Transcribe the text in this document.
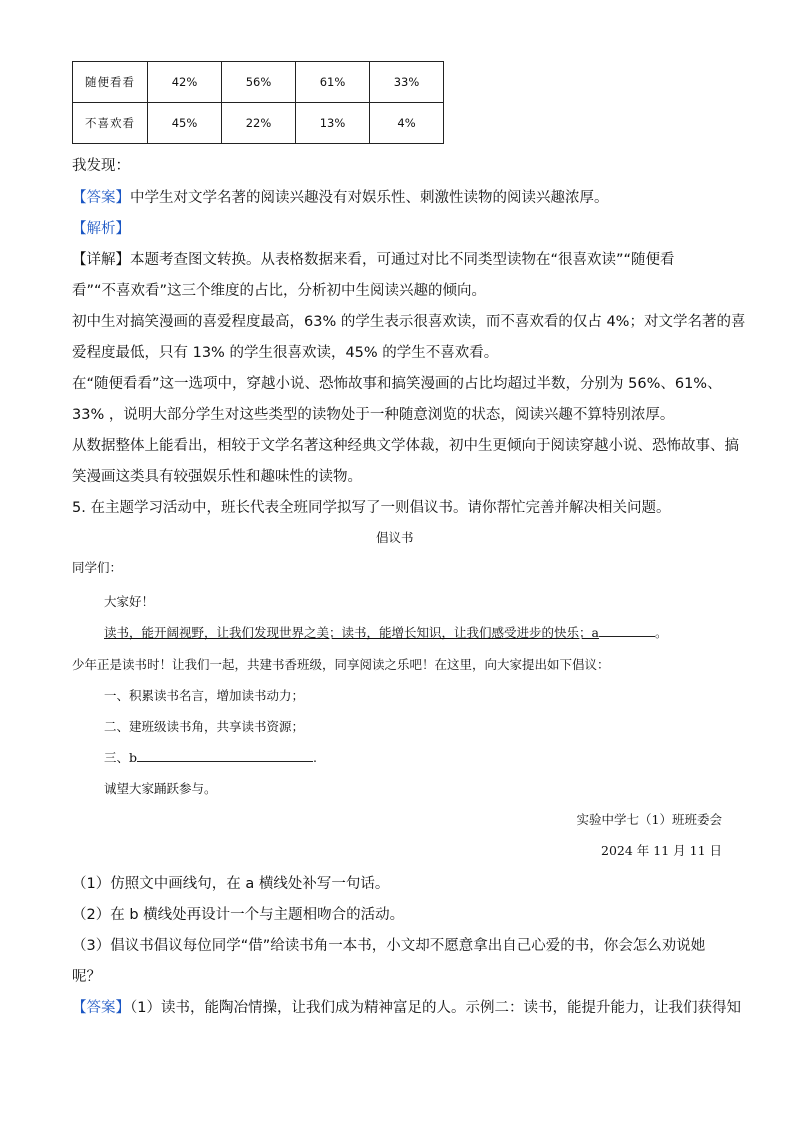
随便看看	42%	56%	61%	33%
不喜欢看	45%	22%	13%	4%
我发现：
【答案】中学生对文学名著的阅读兴趣没有对娱乐性、刺激性读物的阅读兴趣浓厚。
【解析】
【详解】本题考查图文转换。从表格数据来看，可通过对比不同类型读物在“很喜欢读”“随便看
看”“不喜欢看”这三个维度的占比，分析初中生阅读兴趣的倾向。
初中生对搞笑漫画的喜爱程度最高，63% 的学生表示很喜欢读，而不喜欢看的仅占 4%；对文学名著的喜
爱程度最低，只有 13% 的学生很喜欢读，45% 的学生不喜欢看。
在“随便看看”这一选项中，穿越小说、恐怖故事和搞笑漫画的占比均超过半数，分别为 56%、61%、
33% ，说明大部分学生对这些类型的读物处于一种随意浏览的状态，阅读兴趣不算特别浓厚。
从数据整体上能看出，相较于文学名著这种经典文学体裁，初中生更倾向于阅读穿越小说、恐怖故事、搞
笑漫画这类具有较强娱乐性和趣味性的读物。
5. 在主题学习活动中，班长代表全班同学拟写了一则倡议书。请你帮忙完善并解决相关问题。
倡议书
同学们：
大家好！
读书，能开阔视野，让我们发现世界之美；读书，能增长知识，让我们感受进步的快乐；a	。
少年正是读书时！让我们一起，共建书香班级，同享阅读之乐吧！在这里，向大家提出如下倡议：
一、积累读书名言，增加读书动力；
二、建班级读书角，共享读书资源；
三、b	.
诚望大家踊跃参与。
实验中学七（1）班班委会
2024 年 11 月 11 日
（1）仿照文中画线句，在 a 横线处补写一句话。
（2）在 b 横线处再设计一个与主题相吻合的活动。
（3）倡议书倡议每位同学“借”给读书角一本书，小文却不愿意拿出自己心爱的书，你会怎么劝说她
呢？
【答案】（1）读书，能陶冶情操，让我们成为精神富足的人。示例二：读书，能提升能力，让我们获得知
